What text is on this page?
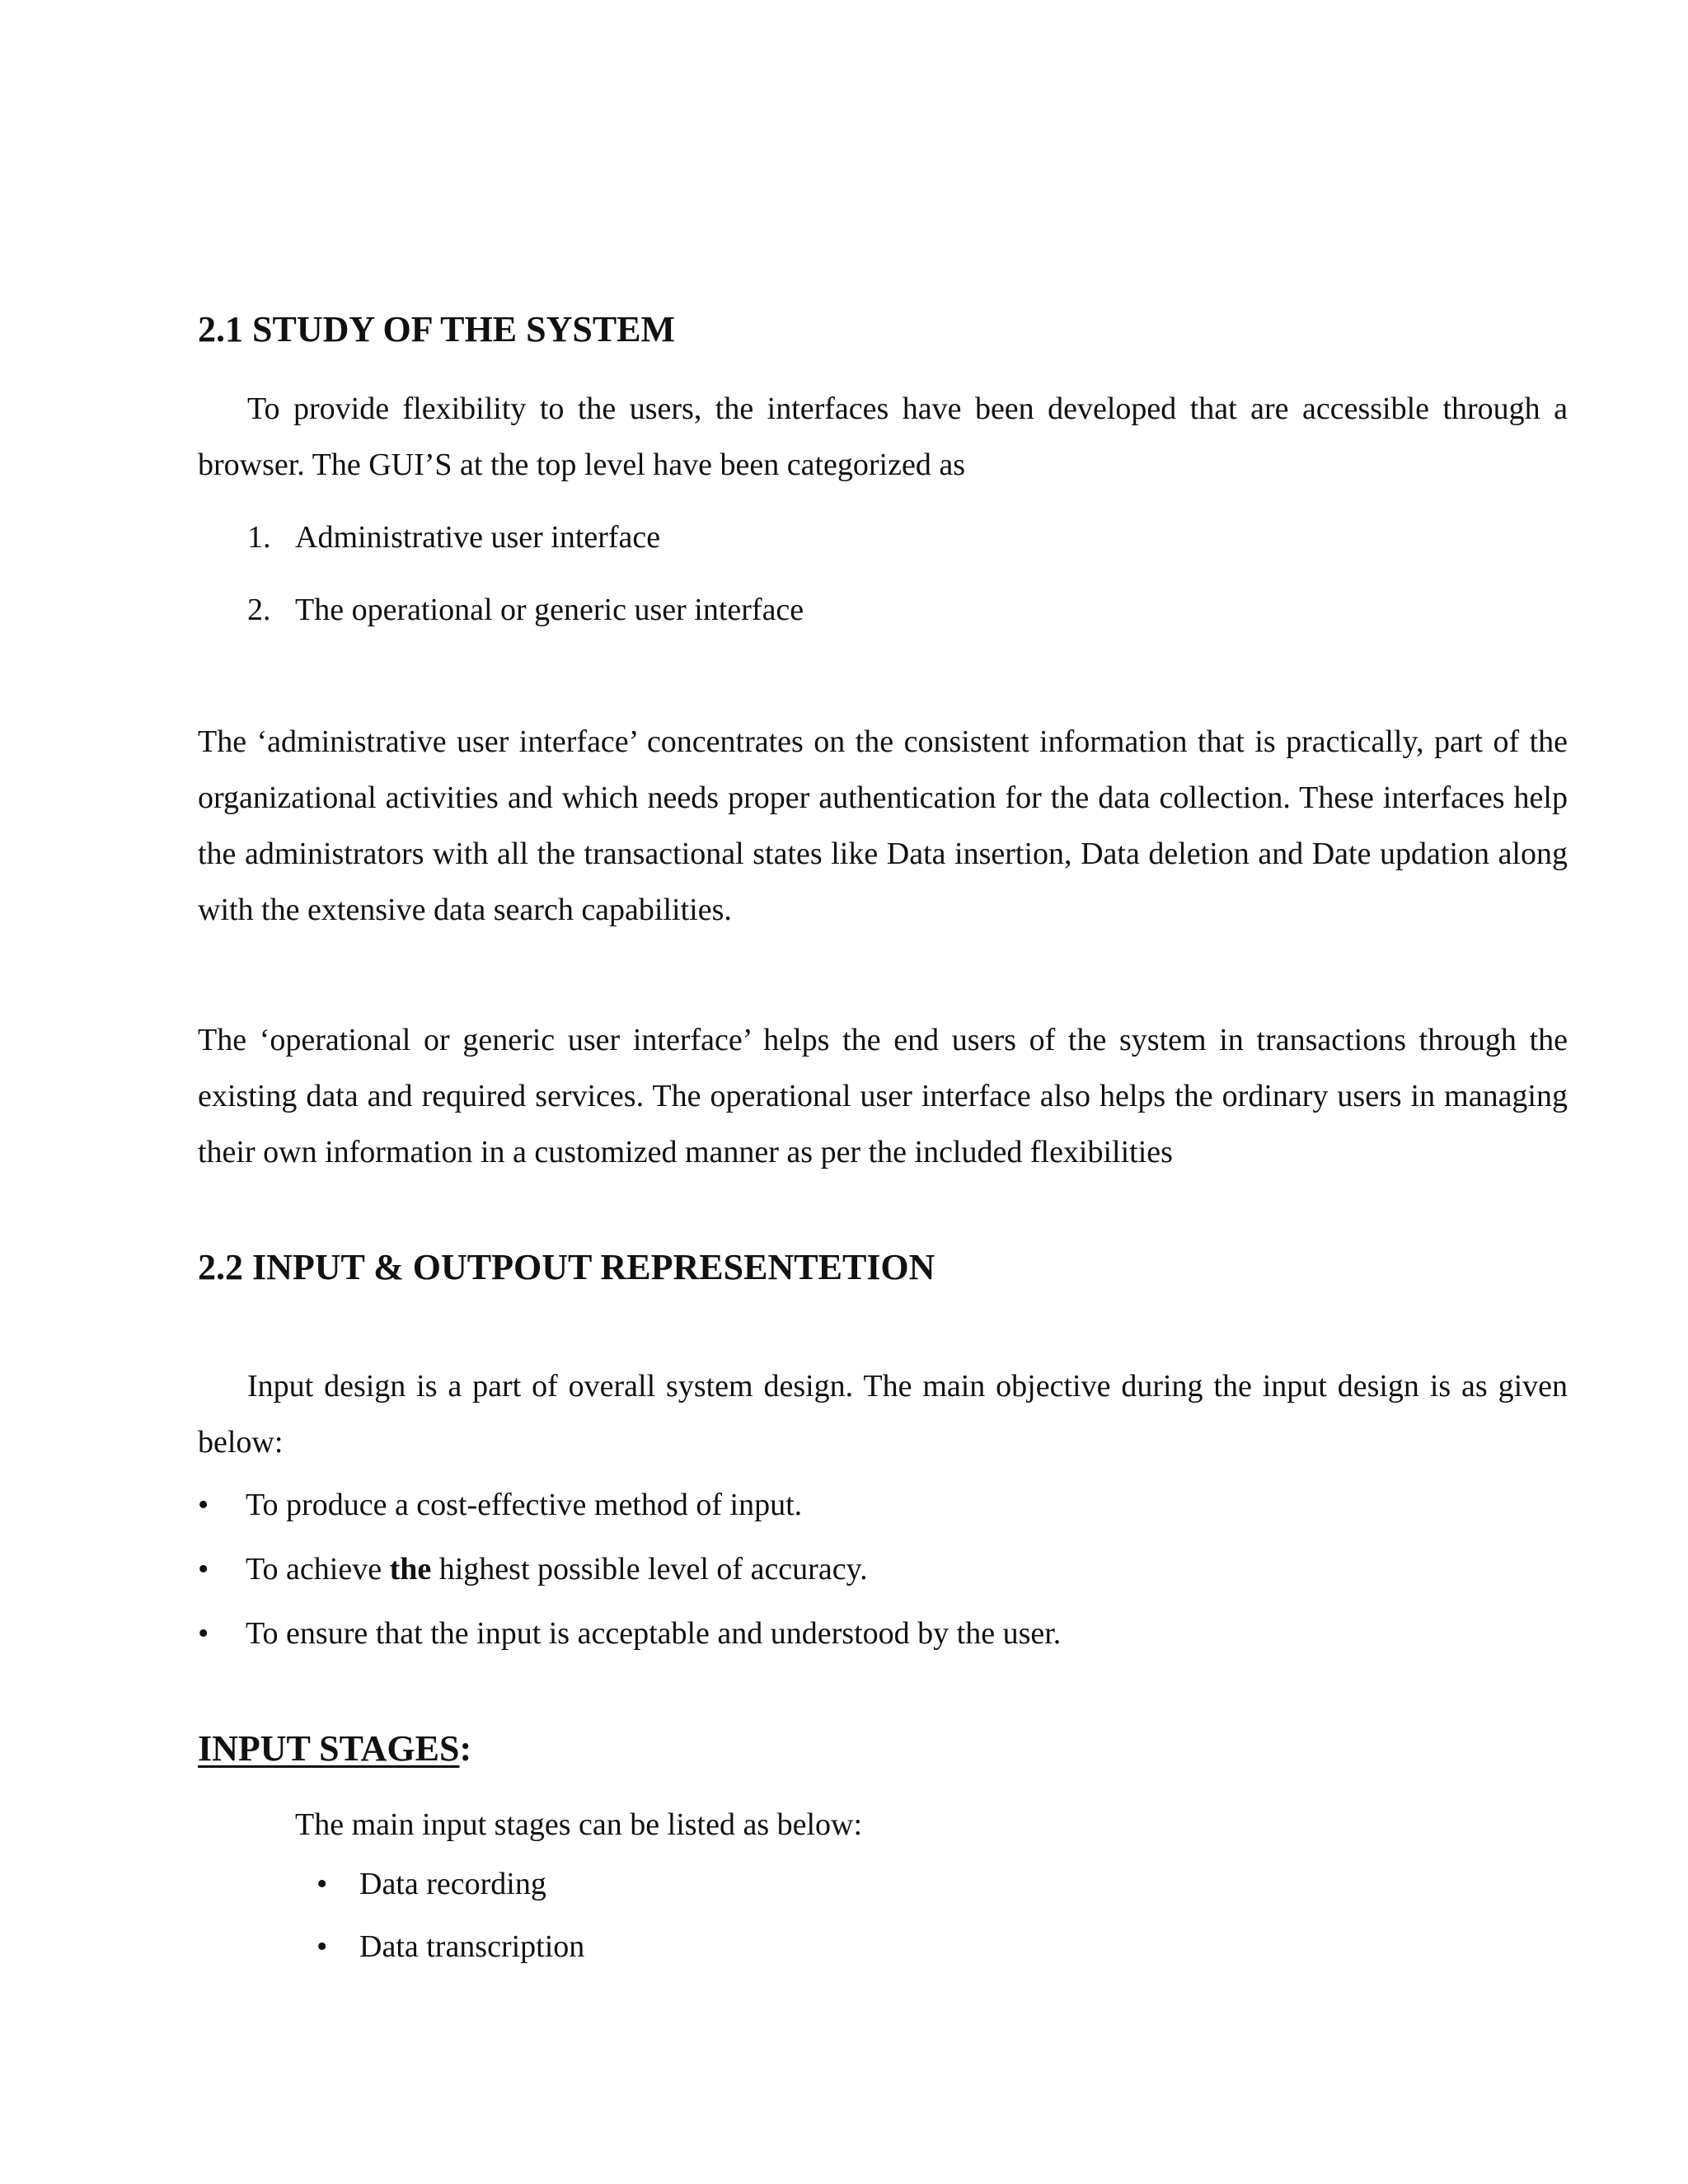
2.1 STUDY OF THE SYSTEM

To provide flexibility to the users, the interfaces have been developed that are accessible through a browser. The GUI’S at the top level have been categorized as

1. Administrative user interface
2. The operational or generic user interface

The ‘administrative user interface’ concentrates on the consistent information that is practically, part of the organizational activities and which needs proper authentication for the data collection. These interfaces help the administrators with all the transactional states like Data insertion, Data deletion and Date updation along with the extensive data search capabilities.

The ‘operational or generic user interface’ helps the end users of the system in transactions through the existing data and required services. The operational user interface also helps the ordinary users in managing their own information in a customized manner as per the included flexibilities

2.2 INPUT & OUTPOUT REPRESENTETION

Input design is a part of overall system design. The main objective during the input design is as given below:

• To produce a cost-effective method of input.
• To achieve the highest possible level of accuracy.
• To ensure that the input is acceptable and understood by the user.
INPUT STAGES:
The main input stages can be listed as below:
• Data recording
• Data transcription
